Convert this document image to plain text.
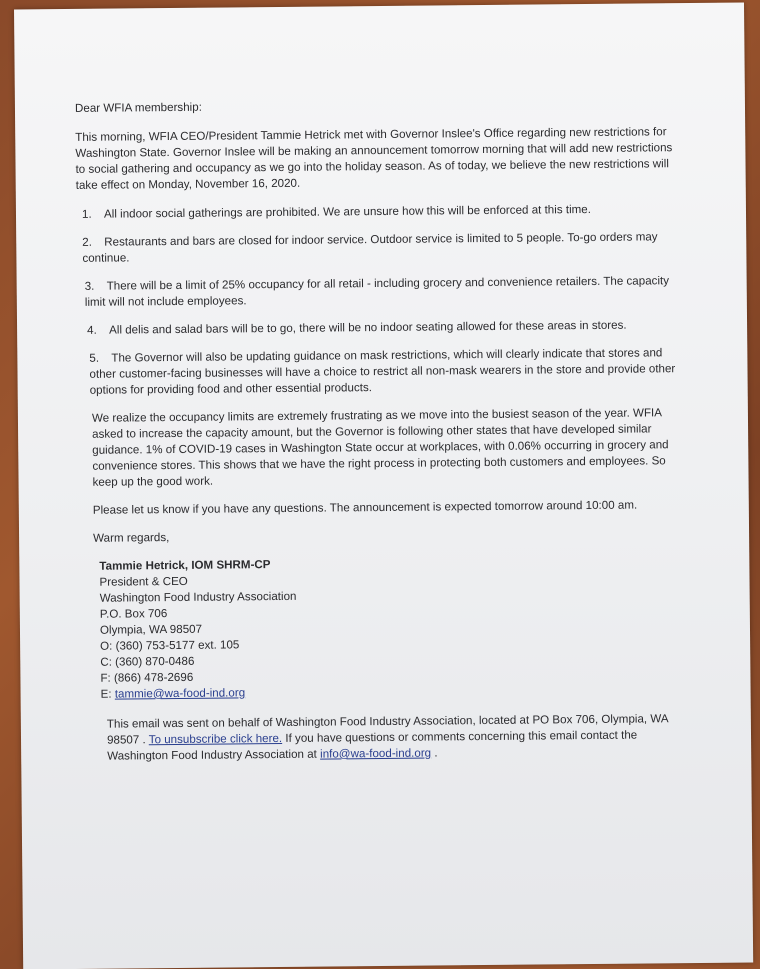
Dear WFIA membership:

This morning, WFIA CEO/President Tammie Hetrick met with Governor Inslee's Office regarding new restrictions for Washington State. Governor Inslee will be making an announcement tomorrow morning that will add new restrictions to social gathering and occupancy as we go into the holiday season. As of today, we believe the new restrictions will take effect on Monday, November 16, 2020.

1. All indoor social gatherings are prohibited. We are unsure how this will be enforced at this time.

2. Restaurants and bars are closed for indoor service. Outdoor service is limited to 5 people. To-go orders may continue.

3. There will be a limit of 25% occupancy for all retail - including grocery and convenience retailers. The capacity limit will not include employees.

4. All delis and salad bars will be to go, there will be no indoor seating allowed for these areas in stores.

5. The Governor will also be updating guidance on mask restrictions, which will clearly indicate that stores and other customer-facing businesses will have a choice to restrict all non-mask wearers in the store and provide other options for providing food and other essential products.

We realize the occupancy limits are extremely frustrating as we move into the busiest season of the year. WFIA asked to increase the capacity amount, but the Governor is following other states that have developed similar guidance. 1% of COVID-19 cases in Washington State occur at workplaces, with 0.06% occurring in grocery and convenience stores. This shows that we have the right process in protecting both customers and employees. So keep up the good work.

Please let us know if you have any questions. The announcement is expected tomorrow around 10:00 am.

Warm regards,

Tammie Hetrick, IOM SHRM-CP
President & CEO
Washington Food Industry Association
P.O. Box 706
Olympia, WA 98507
O: (360) 753-5177 ext. 105
C: (360) 870-0486
F: (866) 478-2696
E: tammie@wa-food-ind.org

This email was sent on behalf of Washington Food Industry Association, located at PO Box 706, Olympia, WA 98507 . To unsubscribe click here. If you have questions or comments concerning this email contact the Washington Food Industry Association at info@wa-food-ind.org .
